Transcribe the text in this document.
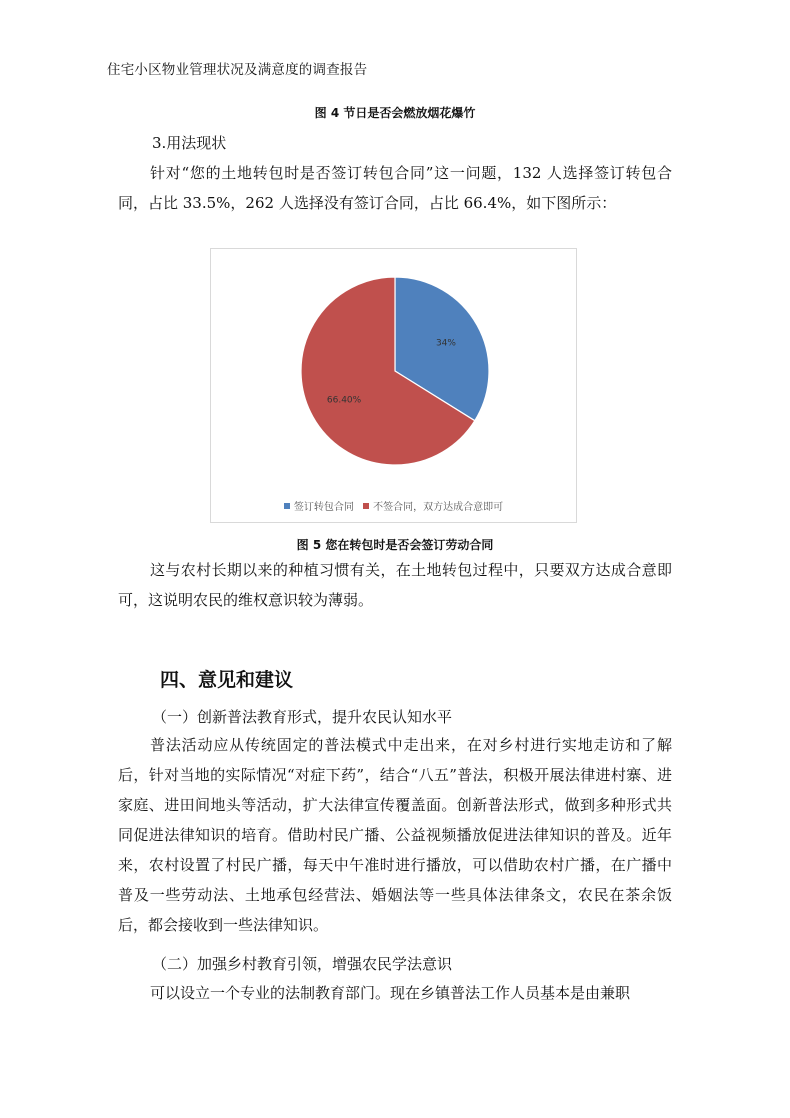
住宅小区物业管理状况及满意度的调查报告
图 4 节日是否会燃放烟花爆竹
3.用法现状

针对“您的土地转包时是否签订转包合同”这一问题，132 人选择签订转包合同，占比 33.5%，262 人选择没有签订合同，占比 66.4%，如下图所示：

34%
66.40%
签订转包合同
不签合同，双方达成合意即可
图 5 您在转包时是否会签订劳动合同

这与农村长期以来的种植习惯有关，在土地转包过程中，只要双方达成合意即可，这说明农民的维权意识较为薄弱。

四、意见和建议
（一）创新普法教育形式，提升农民认知水平

普法活动应从传统固定的普法模式中走出来，在对乡村进行实地走访和了解后，针对当地的实际情况“对症下药”，结合“八五”普法，积极开展法律进村寨、进家庭、进田间地头等活动，扩大法律宣传覆盖面。创新普法形式，做到多种形式共同促进法律知识的培育。借助村民广播、公益视频播放促进法律知识的普及。近年来，农村设置了村民广播，每天中午准时进行播放，可以借助农村广播，在广播中普及一些劳动法、土地承包经营法、婚姻法等一些具体法律条文，农民在茶余饭后，都会接收到一些法律知识。

（二）加强乡村教育引领，增强农民学法意识

可以设立一个专业的法制教育部门。现在乡镇普法工作人员基本是由兼职
